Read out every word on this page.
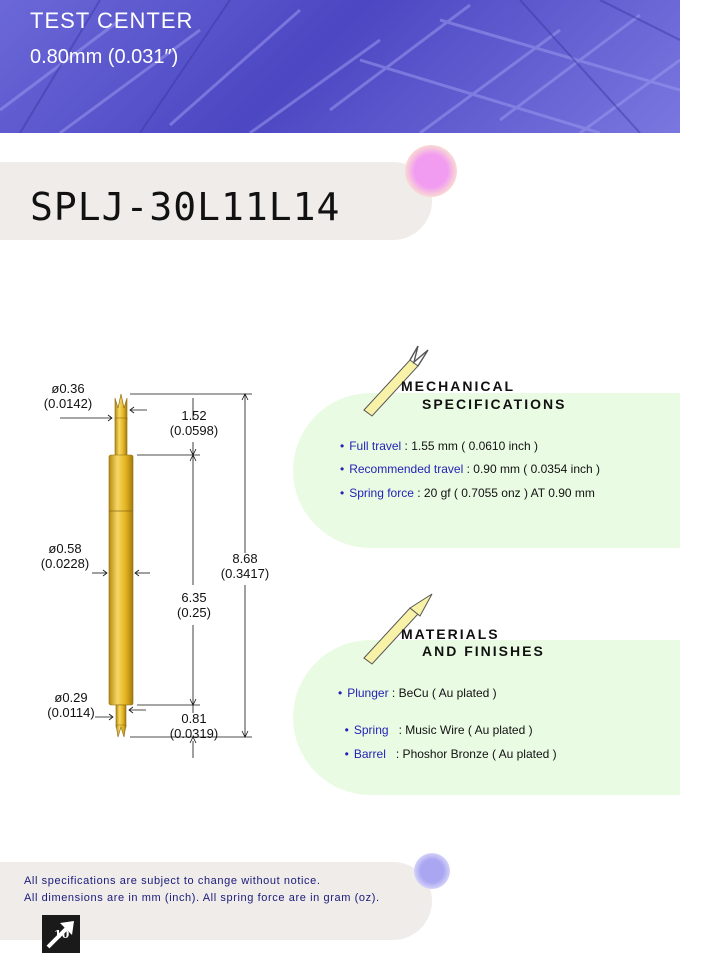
TEST CENTER
0.80mm (0.031″)
SPLJ-30L11L14
ø0.36
(0.0142)
1.52
(0.0598)
ø0.58
(0.0228)	8.68
(0.3417)
6.35
(0.25)
ø0.29
(0.0114)	0.81
(0.0319)
MECHANICAL
SPECIFICATIONS
• Full travel : 1.55 mm ( 0.0610 inch )
• Recommended travel : 0.90 mm ( 0.0354 inch )
• Spring force : 20 gf ( 0.7055 onz ) AT 0.90 mm
MATERIALS
AND FINISHES
• Plunger : BeCu ( Au plated )

• Spring   : Music Wire ( Au plated )

• Barrel   : Phoshor Bronze ( Au plated )

All specifications are subject to change without notice.
All dimensions are in mm (inch). All spring force are in gram (oz).
10
